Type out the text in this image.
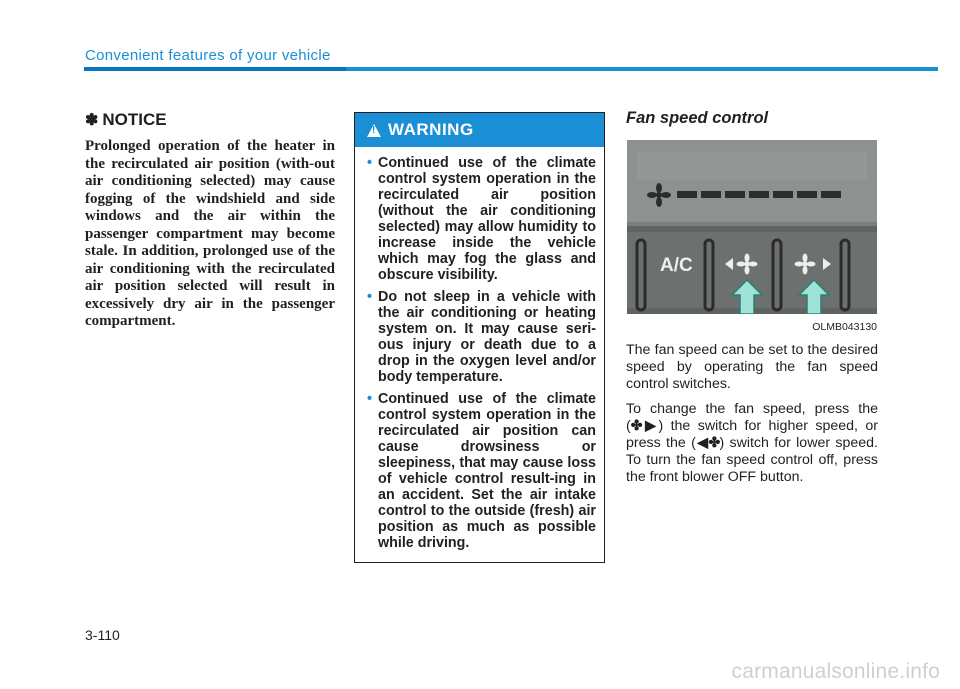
Convenient features of your vehicle

✽ NOTICE

Prolonged operation of the heater in the recirculated air position (with-out air conditioning selected) may cause fogging of the windshield and side windows and the air within the passenger compartment may become stale. In addition, prolonged use of the air conditioning with the recirculated air position selected will result in excessively dry air in the passenger compartment.

!
WARNING
• Continued use of the climate control system operation in the recirculated air position (without the air conditioning selected) may allow humidity to increase inside the vehicle which may fog the glass and obscure visibility.
• Do not sleep in a vehicle with the air conditioning or heating system on. It may cause seri-ous injury or death due to a drop in the oxygen level and/or body temperature.
• Continued use of the climate control system operation in the recirculated air position can cause drowsiness or sleepiness, that may cause loss of vehicle control result-ing in an accident. Set the air intake control to the outside (fresh) air position as much as possible while driving.
Fan speed control
A/C
OLMB043130

The fan speed can be set to the desired speed by operating the fan speed control switches.

To change the fan speed, press the (✤▶) the switch for higher speed, or press the (◀✤) switch for lower speed. To turn the fan speed control off, press the front blower OFF button.

3-110
carmanualsonline.info
